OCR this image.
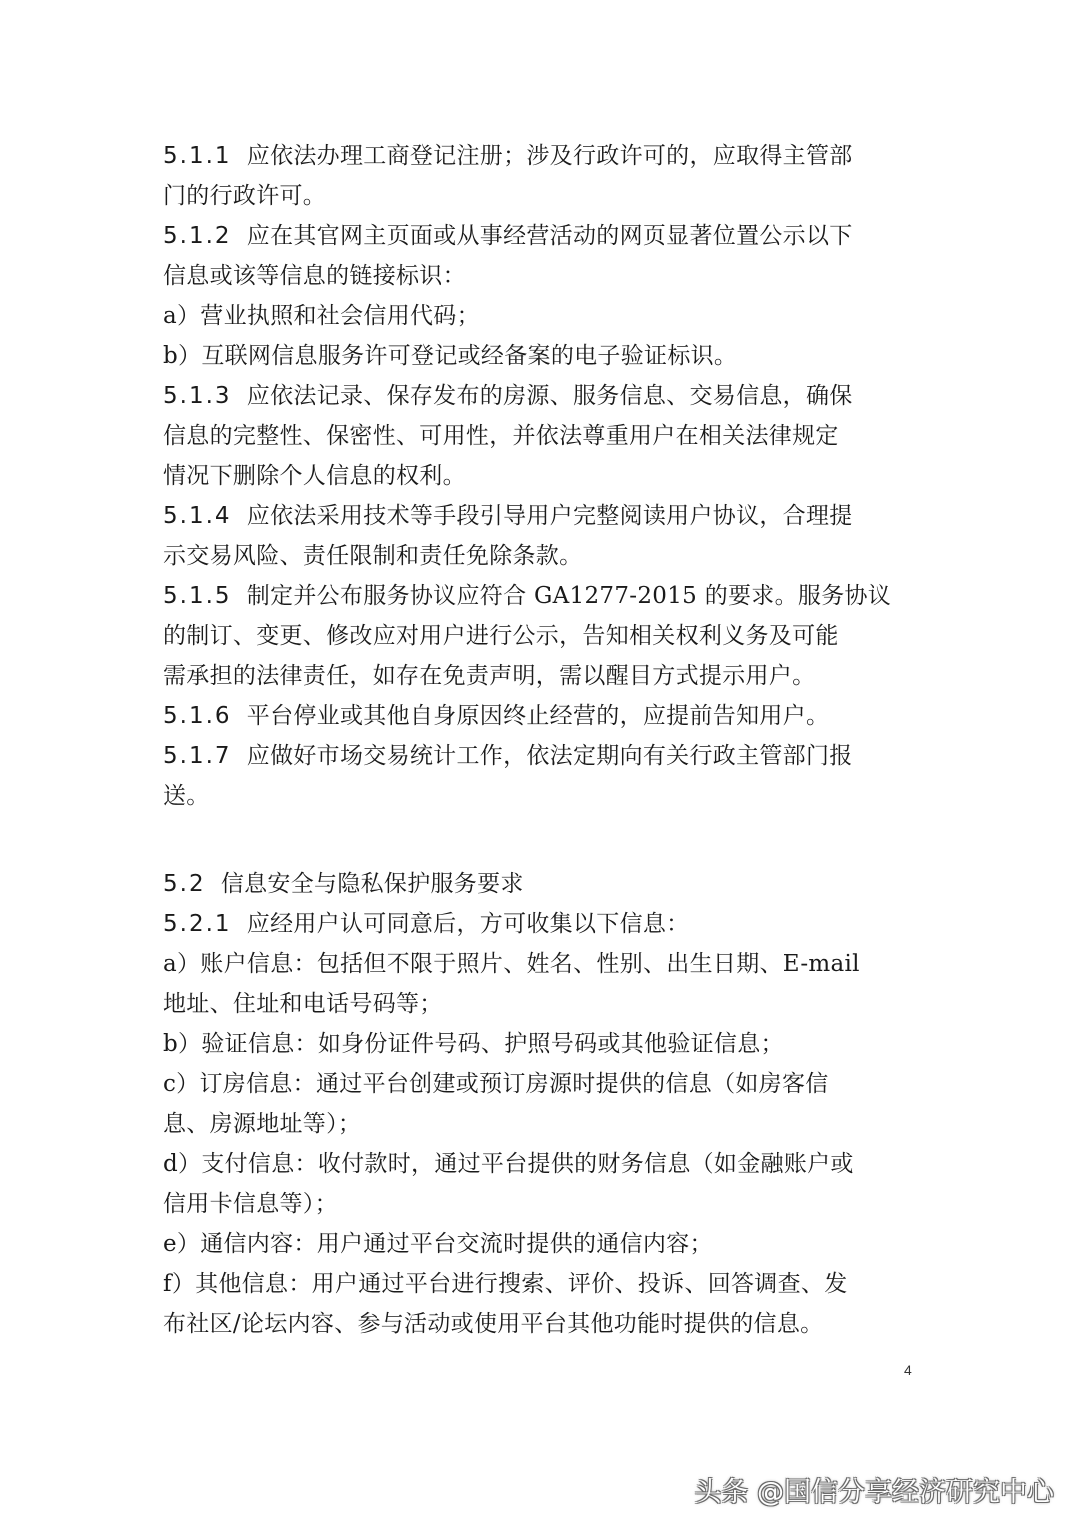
5.1.1 应依法办理工商登记注册；涉及行政许可的，应取得主管部
门的行政许可。
5.1.2 应在其官网主页面或从事经营活动的网页显著位置公示以下
信息或该等信息的链接标识：
a）营业执照和社会信用代码；
b）互联网信息服务许可登记或经备案的电子验证标识。
5.1.3 应依法记录、保存发布的房源、服务信息、交易信息，确保
信息的完整性、保密性、可用性，并依法尊重用户在相关法律规定
情况下删除个人信息的权利。
5.1.4 应依法采用技术等手段引导用户完整阅读用户协议，合理提
示交易风险、责任限制和责任免除条款。
5.1.5 制定并公布服务协议应符合 GA1277-2015 的要求。服务协议
的制订、变更、修改应对用户进行公示，告知相关权利义务及可能
需承担的法律责任，如存在免责声明，需以醒目方式提示用户。
5.1.6 平台停业或其他自身原因终止经营的，应提前告知用户。
5.1.7 应做好市场交易统计工作，依法定期向有关行政主管部门报
送。
5.2 信息安全与隐私保护服务要求
5.2.1 应经用户认可同意后，方可收集以下信息：
a）账户信息：包括但不限于照片、姓名、性别、出生日期、E-mail
地址、住址和电话号码等；
b）验证信息：如身份证件号码、护照号码或其他验证信息；
c）订房信息：通过平台创建或预订房源时提供的信息（如房客信
息、房源地址等）；
d）支付信息：收付款时，通过平台提供的财务信息（如金融账户或
信用卡信息等）；
e）通信内容：用户通过平台交流时提供的通信内容；
f）其他信息：用户通过平台进行搜索、评价、投诉、回答调查、发
布社区/论坛内容、参与活动或使用平台其他功能时提供的信息。
4
头条 @国信分享经济研究中心
